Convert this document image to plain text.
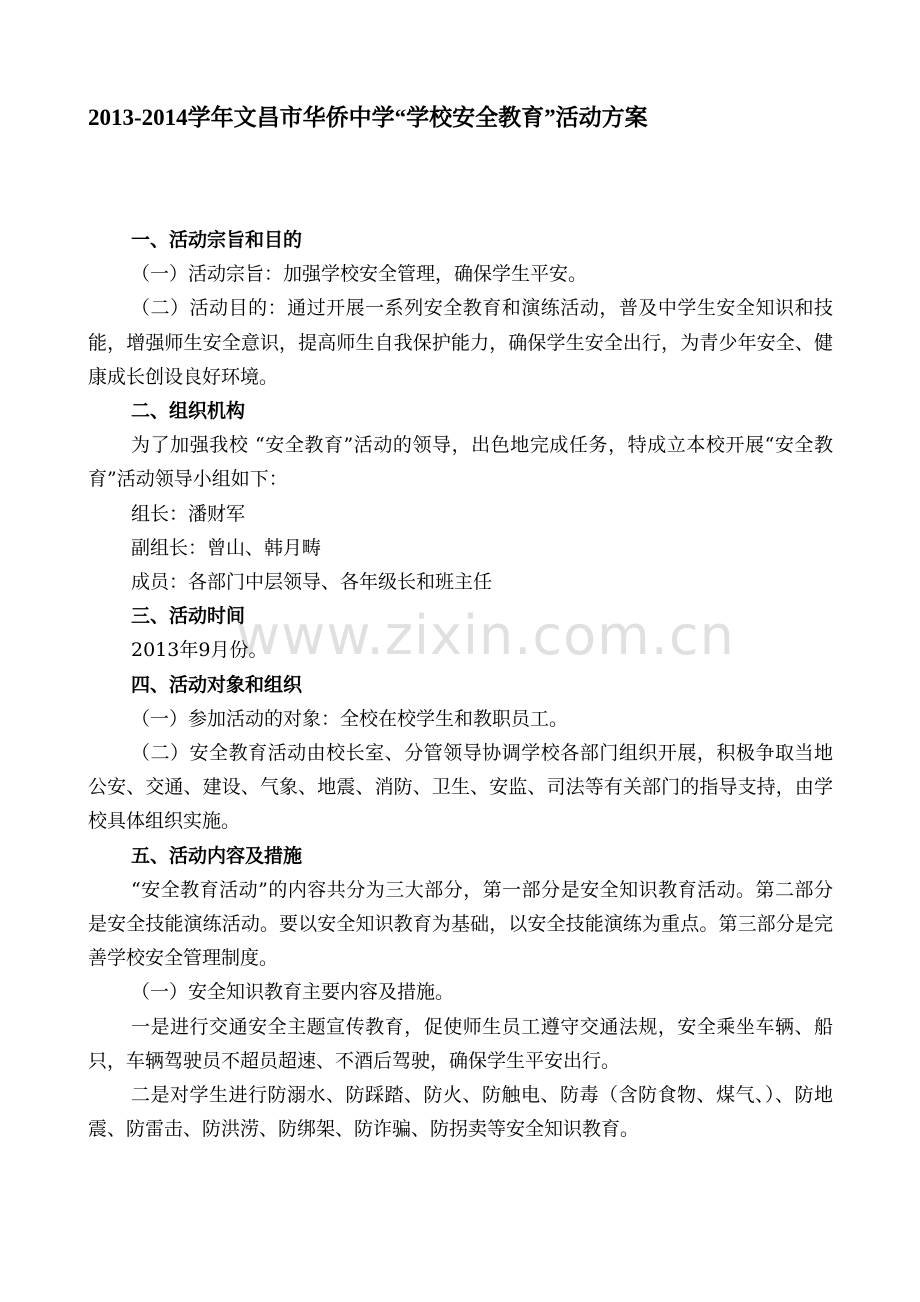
2013-2014学年文昌市华侨中学“学校安全教育”活动方案

一、活动宗旨和目的

（一）活动宗旨：加强学校安全管理，确保学生平安。

（二）活动目的：通过开展一系列安全教育和演练活动，普及中学生安全知识和技能，增强师生安全意识，提高师生自我保护能力，确保学生安全出行，为青少年安全、健康成长创设良好环境。

二、组织机构

为了加强我校 “安全教育”活动的领导，出色地完成任务，特成立本校开展“安全教育”活动领导小组如下：

组长：潘财军

副组长：曾山、韩月畴

成员：各部门中层领导、各年级长和班主任

三、活动时间

2013年9月份。

四、活动对象和组织

（一）参加活动的对象：全校在校学生和教职员工。

（二）安全教育活动由校长室、分管领导协调学校各部门组织开展，积极争取当地公安、交通、建设、气象、地震、消防、卫生、安监、司法等有关部门的指导支持，由学校具体组织实施。

五、活动内容及措施

“安全教育活动”的内容共分为三大部分，第一部分是安全知识教育活动。第二部分是安全技能演练活动。要以安全知识教育为基础，以安全技能演练为重点。第三部分是完善学校安全管理制度。

（一）安全知识教育主要内容及措施。

一是进行交通安全主题宣传教育，促使师生员工遵守交通法规，安全乘坐车辆、船只，车辆驾驶员不超员超速、不酒后驾驶，确保学生平安出行。

二是对学生进行防溺水、防踩踏、防火、防触电、防毒（含防食物、煤气、）、防地震、防雷击、防洪涝、防绑架、防诈骗、防拐卖等安全知识教育。

www.zixin.com.cn
